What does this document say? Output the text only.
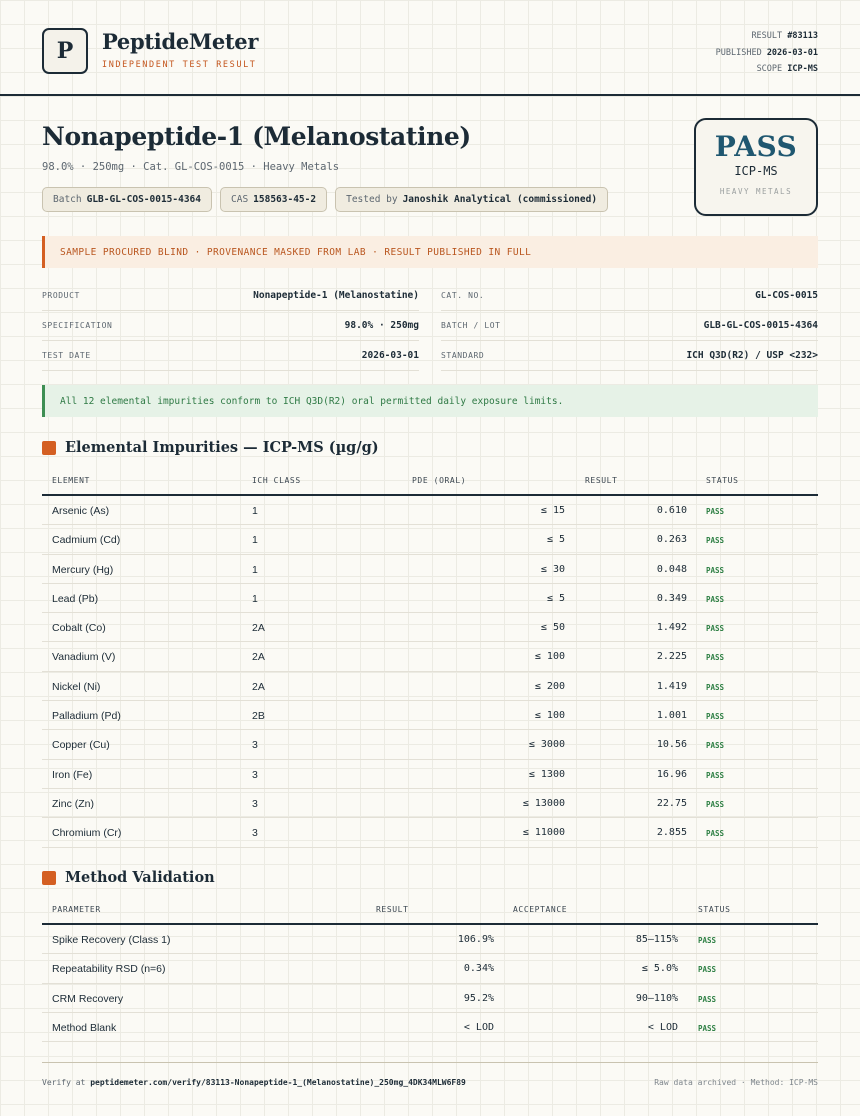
P	PeptideMeter
INDEPENDENT TEST RESULT
RESULT #83113
PUBLISHED 2026-03-01
SCOPE ICP-MS
Nonapeptide-1 (Melanostatine)
98.0% · 250mg · Cat. GL-COS-0015 · Heavy Metals
Batch GLB-GL-COS-0015-4364	CAS 158563-45-2	Tested by Janoshik Analytical (commissioned)
PASS
ICP-MS
HEAVY METALS
SAMPLE PROCURED BLIND · PROVENANCE MASKED FROM LAB · RESULT PUBLISHED IN FULL
PRODUCT	Nonapeptide-1 (Melanostatine)	CAT. NO.	GL-COS-0015
SPECIFICATION	98.0% · 250mg	BATCH / LOT	GLB-GL-COS-0015-4364
TEST DATE	2026-03-01	STANDARD	ICH Q3D(R2) / USP <232>
All 12 elemental impurities conform to ICH Q3D(R2) oral permitted daily exposure limits.
Elemental Impurities — ICP-MS (µg/g)
ELEMENT	ICH CLASS	PDE (ORAL)	RESULT	STATUS
Arsenic (As)	1	≤ 15	0.610	PASS
Cadmium (Cd)	1	≤ 5	0.263	PASS
Mercury (Hg)	1	≤ 30	0.048	PASS
Lead (Pb)	1	≤ 5	0.349	PASS
Cobalt (Co)	2A	≤ 50	1.492	PASS
Vanadium (V)	2A	≤ 100	2.225	PASS
Nickel (Ni)	2A	≤ 200	1.419	PASS
Palladium (Pd)	2B	≤ 100	1.001	PASS
Copper (Cu)	3	≤ 3000	10.56	PASS
Iron (Fe)	3	≤ 1300	16.96	PASS
Zinc (Zn)	3	≤ 13000	22.75	PASS
Chromium (Cr)	3	≤ 11000	2.855	PASS
Method Validation
PARAMETER	RESULT	ACCEPTANCE	STATUS
Spike Recovery (Class 1)	106.9%	85–115%	PASS
Repeatability RSD (n=6)	0.34%	≤ 5.0%	PASS
CRM Recovery	95.2%	90–110%	PASS
Method Blank	< LOD	< LOD	PASS
Verify at peptidemeter.com/verify/83113-Nonapeptide-1_(Melanostatine)_250mg_4DK34MLW6F89	Raw data archived · Method: ICP-MS
